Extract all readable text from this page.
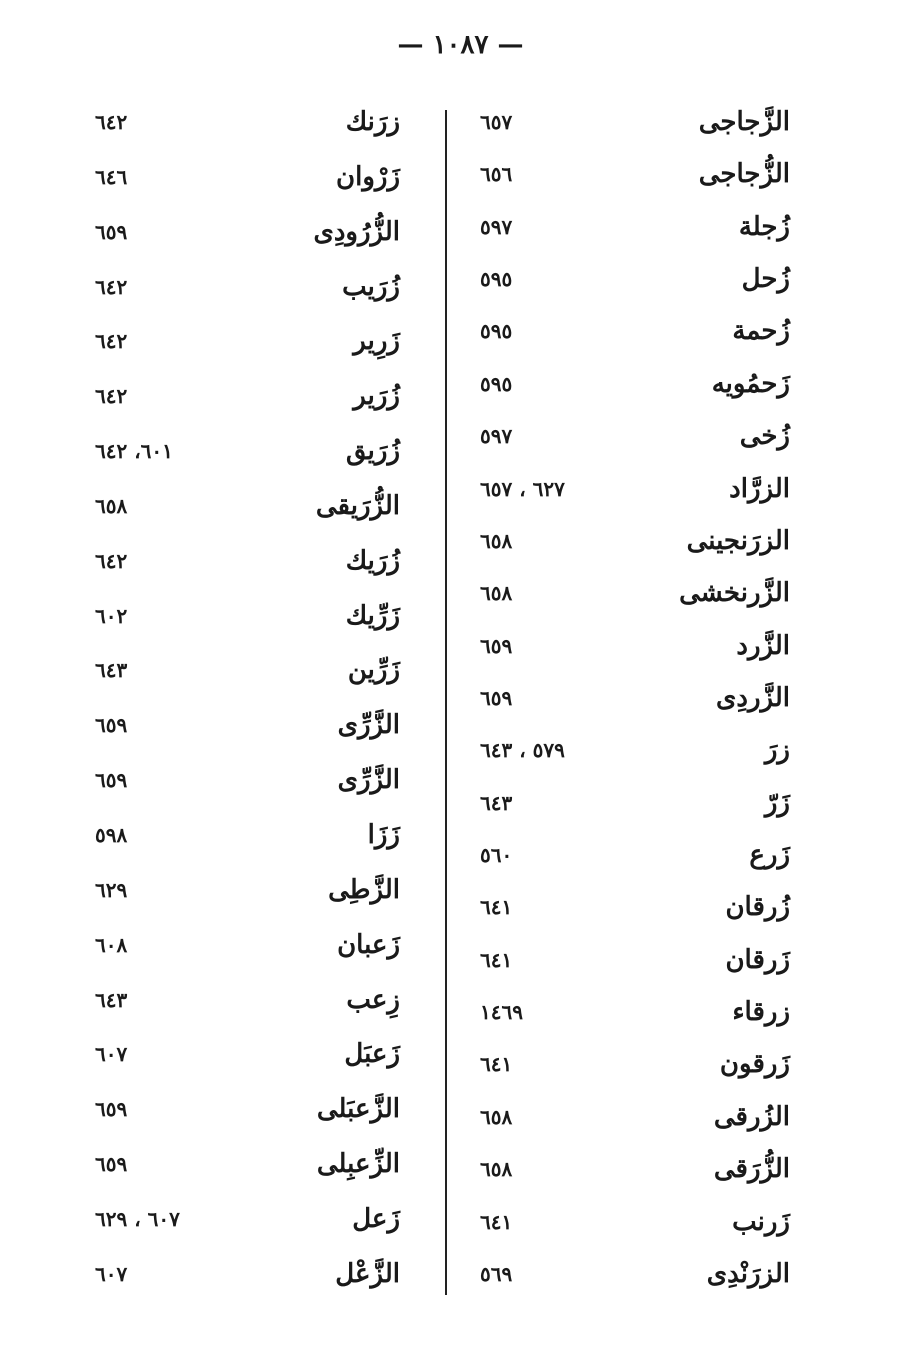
— ١٠٨٧ —
الزَّجاجى
٦٥٧
الزُّجاجى
٦٥٦
زُجلة
٥٩٧
زُحل
٥٩٥
زُحمة
٥٩٥
زَحمُويه
٥٩٥
زُخى
٥٩٧
الزرَّاد
٦٢٧ ، ٦٥٧
الزرَنجينى
٦٥٨
الزَّرنخشى
٦٥٨
الزَّرد
٦٥٩
الزَّردِى
٦٥٩
زرَ
٥٧٩ ، ٦٤٣
زَرّ
٦٤٣
زَرع
٥٦٠
زُرقان
٦٤١
زَرقان
٦٤١
زرقاء
١٤٦٩
زَرقون
٦٤١
الزُرقى
٦٥٨
الزُّرَقى
٦٥٨
زَرنب
٦٤١
الزرَنْدِى
٥٦٩
زرَنك
٦٤٢
زَرْوان
٦٤٦
الزُّرُودِى
٦٥٩
زُرَيب
٦٤٢
زَرِير
٦٤٢
زُرَير
٦٤٢
زُرَيق
٦٠١، ٦٤٢
الزُّرَيقى
٦٥٨
زُرَيك
٦٤٢
زَرِّيك
٦٠٢
زَرِّين
٦٤٣
الزَّرِّى
٦٥٩
الزَّرِّى
٦٥٩
زَزَا
٥٩٨
الزَّطِى
٦٢٩
زَعبان
٦٠٨
زِعب
٦٤٣
زَعبَل
٦٠٧
الزَّعبَلى
٦٥٩
الزِّعبِلى
٦٥٩
زَعل
٦٠٧ ، ٦٢٩
الزَّعْل
٦٠٧
